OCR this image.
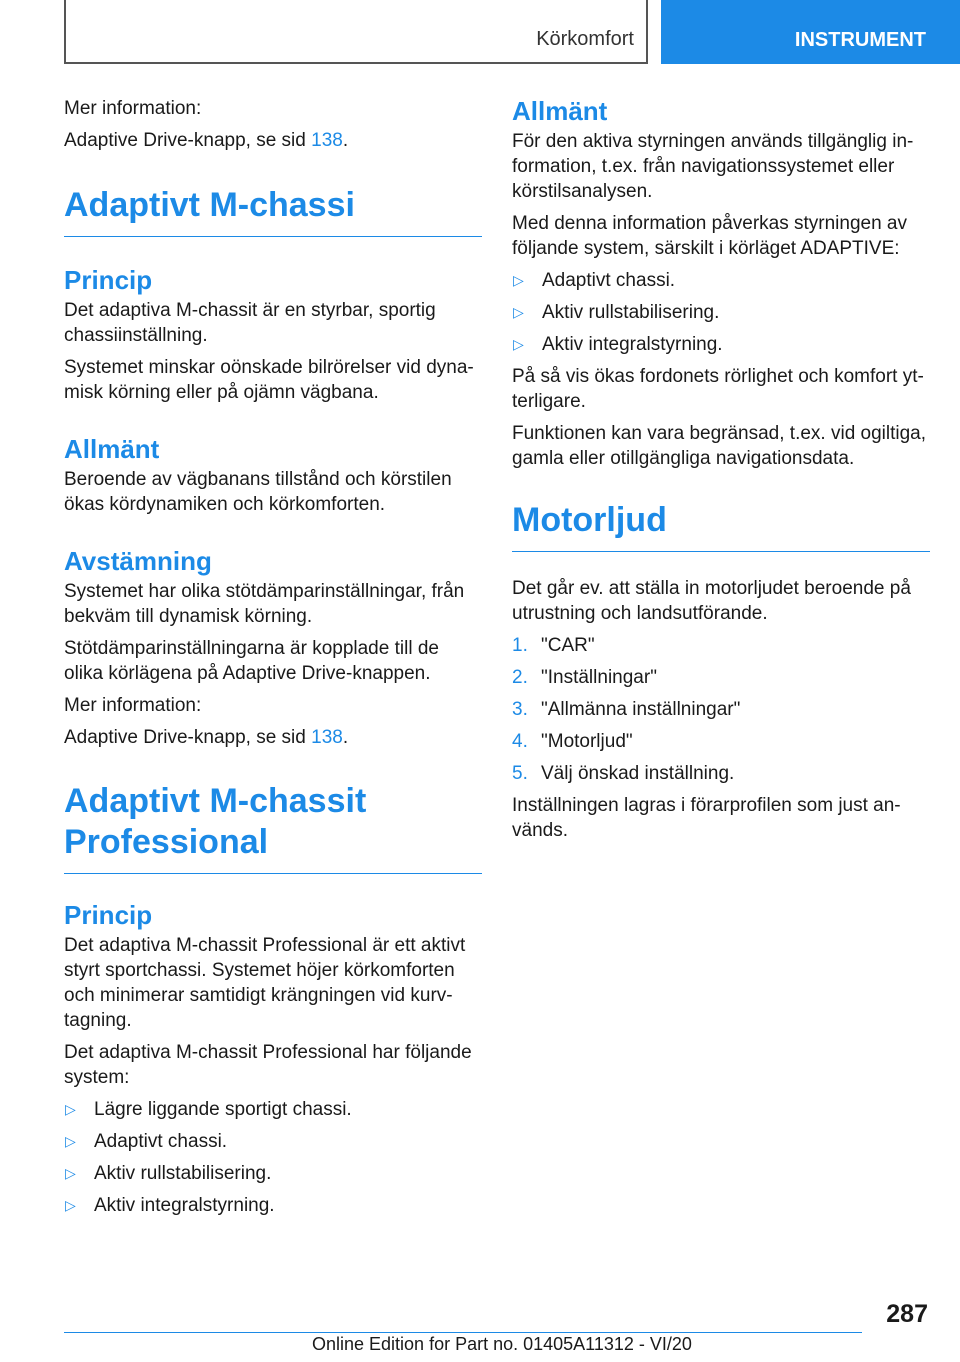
Körkomfort	INSTRUMENT

Mer information:

Adaptive Drive-knapp, se sid 138.

Adaptivt M-chassi
Princip

Det adaptiva M-chassit är en styrbar, sportig chassiinställning.

Systemet minskar oönskade bilrörelser vid dyna-misk körning eller på ojämn vägbana.

Allmänt

Beroende av vägbanans tillstånd och körstilen ökas kördynamiken och körkomforten.

Avstämning

Systemet har olika stötdämparinställningar, från bekväm till dynamisk körning.

Stötdämparinställningarna är kopplade till de olika körlägena på Adaptive Drive-knappen.

Mer information:

Adaptive Drive-knapp, se sid 138.

Adaptivt M-chassit
Professional
Princip

Det adaptiva M-chassit Professional är ett aktivt styrt sportchassi. Systemet höjer körkomforten och minimerar samtidigt krängningen vid kurv-tagning.

Det adaptiva M-chassit Professional har följande system:

▷ Lägre liggande sportigt chassi.
▷ Adaptivt chassi.
▷ Aktiv rullstabilisering.
▷ Aktiv integralstyrning.
Allmänt

För den aktiva styrningen används tillgänglig in-formation, t.ex. från navigationssystemet eller körstilsanalysen.

Med denna information påverkas styrningen av följande system, särskilt i körläget ADAPTIVE:

▷ Adaptivt chassi.
▷ Aktiv rullstabilisering.
▷ Aktiv integralstyrning.

På så vis ökas fordonets rörlighet och komfort yt-terligare.

Funktionen kan vara begränsad, t.ex. vid ogiltiga, gamla eller otillgängliga navigationsdata.

Motorljud

Det går ev. att ställa in motorljudet beroende på utrustning och landsutförande.

1. "CAR"
2. "Inställningar"
3. "Allmänna inställningar"
4. "Motorljud"
5. Välj önskad inställning.

Inställningen lagras i förarprofilen som just an-vänds.

287
Online Edition for Part no. 01405A11312 - VI/20
